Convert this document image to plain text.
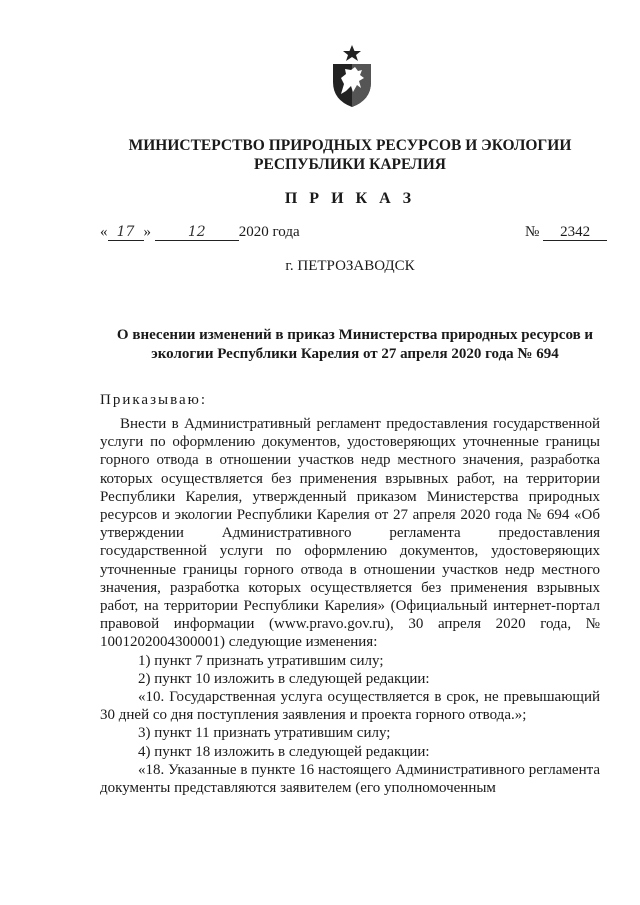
МИНИСТЕРСТВО ПРИРОДНЫХ РЕСУРСОВ И ЭКОЛОГИИ
РЕСПУБЛИКИ КАРЕЛИЯ
П Р И К А З
« 17 »	12 2020 года	№ 2342
г. ПЕТРОЗАВОДСК
О внесении изменений в приказ Министерства природных ресурсов и
экологии Республики Карелия от 27 апреля 2020 года № 694
Приказываю:

Внести в Административный регламент предоставления государственной услуги по оформлению документов, удостоверяющих уточненные границы горного отвода в отношении участков недр местного значения, разработка которых осуществляется без применения взрывных работ, на территории Республики Карелия, утвержденный приказом Министерства природных ресурсов и экологии Республики Карелия от 27 апреля 2020 года № 694 «Об утверждении Административного регламента предоставления государственной услуги по оформлению документов, удостоверяющих уточненные границы горного отвода в отношении участков недр местного значения, разработка которых осуществляется без применения взрывных работ, на территории Республики Карелия» (Официальный интернет-портал правовой информации (www.pravo.gov.ru), 30 апреля 2020 года, № 1001202004300001) следующие изменения:

1) пункт 7 признать утратившим силу;

2) пункт 10 изложить в следующей редакции:

«10. Государственная услуга осуществляется в срок, не превышающий 30 дней со дня поступления заявления и проекта горного отвода.»;

3) пункт 11 признать утратившим силу;

4) пункт 18 изложить в следующей редакции:

«18. Указанные в пункте 16 настоящего Административного регламента документы представляются заявителем (его уполномоченным
